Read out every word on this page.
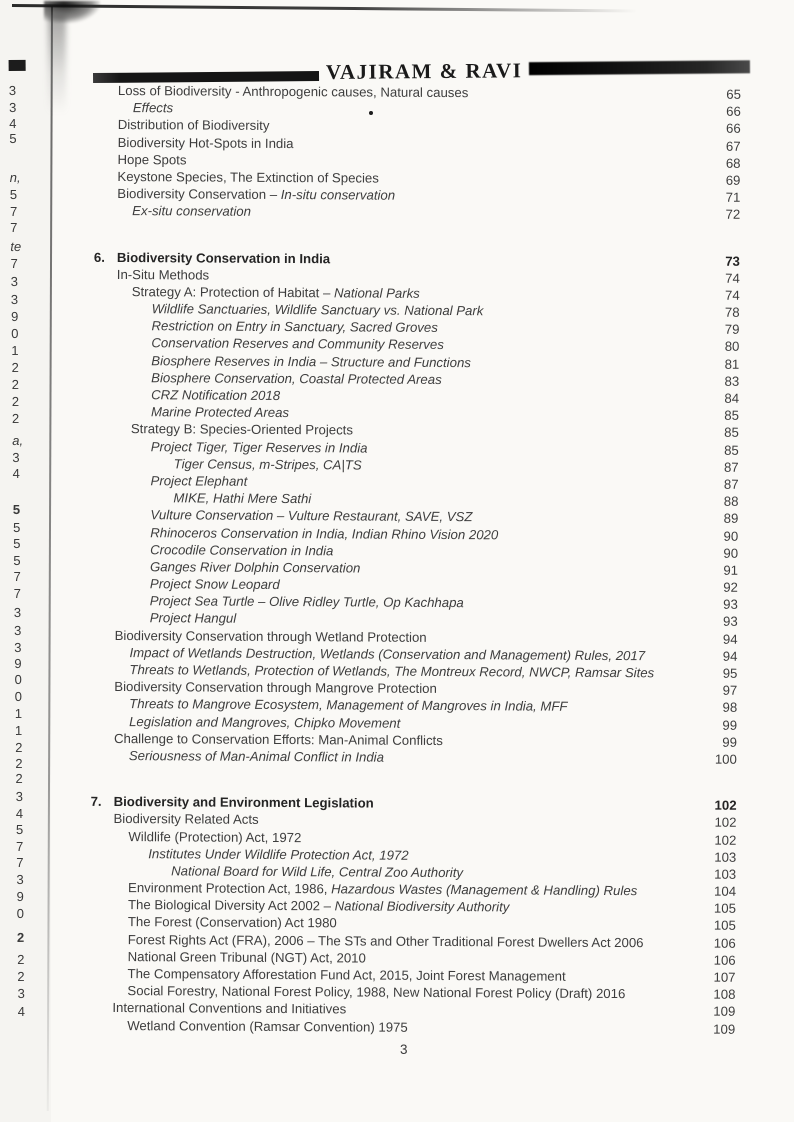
3
3
4
5
n,
5
7
7
te
7
3
3
9
0
1
2
2
2
2
a,
3
4
5
5
5
5
7
7
3
3
3
9
0
0
1
1
2
2
2
3
4
5
7
7
3
9
0
2
2
2
3
4
VAJIRAM & RAVI
Loss of Biodiversity - Anthropogenic causes, Natural causes	65
Effects	66
Distribution of Biodiversity	66
Biodiversity Hot-Spots in India	67
Hope Spots	68
Keystone Species, The Extinction of Species	69
Biodiversity Conservation – In-situ conservation	71
Ex-situ conservation	72
6. Biodiversity Conservation in India	73
In-Situ Methods	74
Strategy A: Protection of Habitat – National Parks	74
Wildlife Sanctuaries, Wildlife Sanctuary vs. National Park	78
Restriction on Entry in Sanctuary, Sacred Groves	79
Conservation Reserves and Community Reserves	80
Biosphere Reserves in India – Structure and Functions	81
Biosphere Conservation, Coastal Protected Areas	83
CRZ Notification 2018	84
Marine Protected Areas	85
Strategy B: Species-Oriented Projects	85
Project Tiger, Tiger Reserves in India	85
Tiger Census, m-Stripes, CA|TS	87
Project Elephant	87
MIKE, Hathi Mere Sathi	88
Vulture Conservation – Vulture Restaurant, SAVE, VSZ	89
Rhinoceros Conservation in India, Indian Rhino Vision 2020	90
Crocodile Conservation in India	90
Ganges River Dolphin Conservation	91
Project Snow Leopard	92
Project Sea Turtle – Olive Ridley Turtle, Op Kachhapa	93
Project Hangul	93
Biodiversity Conservation through Wetland Protection	94
Impact of Wetlands Destruction, Wetlands (Conservation and Management) Rules, 2017	94
Threats to Wetlands, Protection of Wetlands, The Montreux Record, NWCP, Ramsar Sites	95
Biodiversity Conservation through Mangrove Protection	97
Threats to Mangrove Ecosystem, Management of Mangroves in India, MFF	98
Legislation and Mangroves, Chipko Movement	99
Challenge to Conservation Efforts: Man-Animal Conflicts	99
Seriousness of Man-Animal Conflict in India	100
7. Biodiversity and Environment Legislation	102
Biodiversity Related Acts	102
Wildlife (Protection) Act, 1972	102
Institutes Under Wildlife Protection Act, 1972	103
National Board for Wild Life, Central Zoo Authority	103
Environment Protection Act, 1986, Hazardous Wastes (Management & Handling) Rules	104
The Biological Diversity Act 2002 – National Biodiversity Authority	105
The Forest (Conservation) Act 1980	105
Forest Rights Act (FRA), 2006 – The STs and Other Traditional Forest Dwellers Act 2006	106
National Green Tribunal (NGT) Act, 2010	106
The Compensatory Afforestation Fund Act, 2015, Joint Forest Management	107
Social Forestry, National Forest Policy, 1988, New National Forest Policy (Draft) 2016	108
International Conventions and Initiatives	109
Wetland Convention (Ramsar Convention) 1975	109
3
